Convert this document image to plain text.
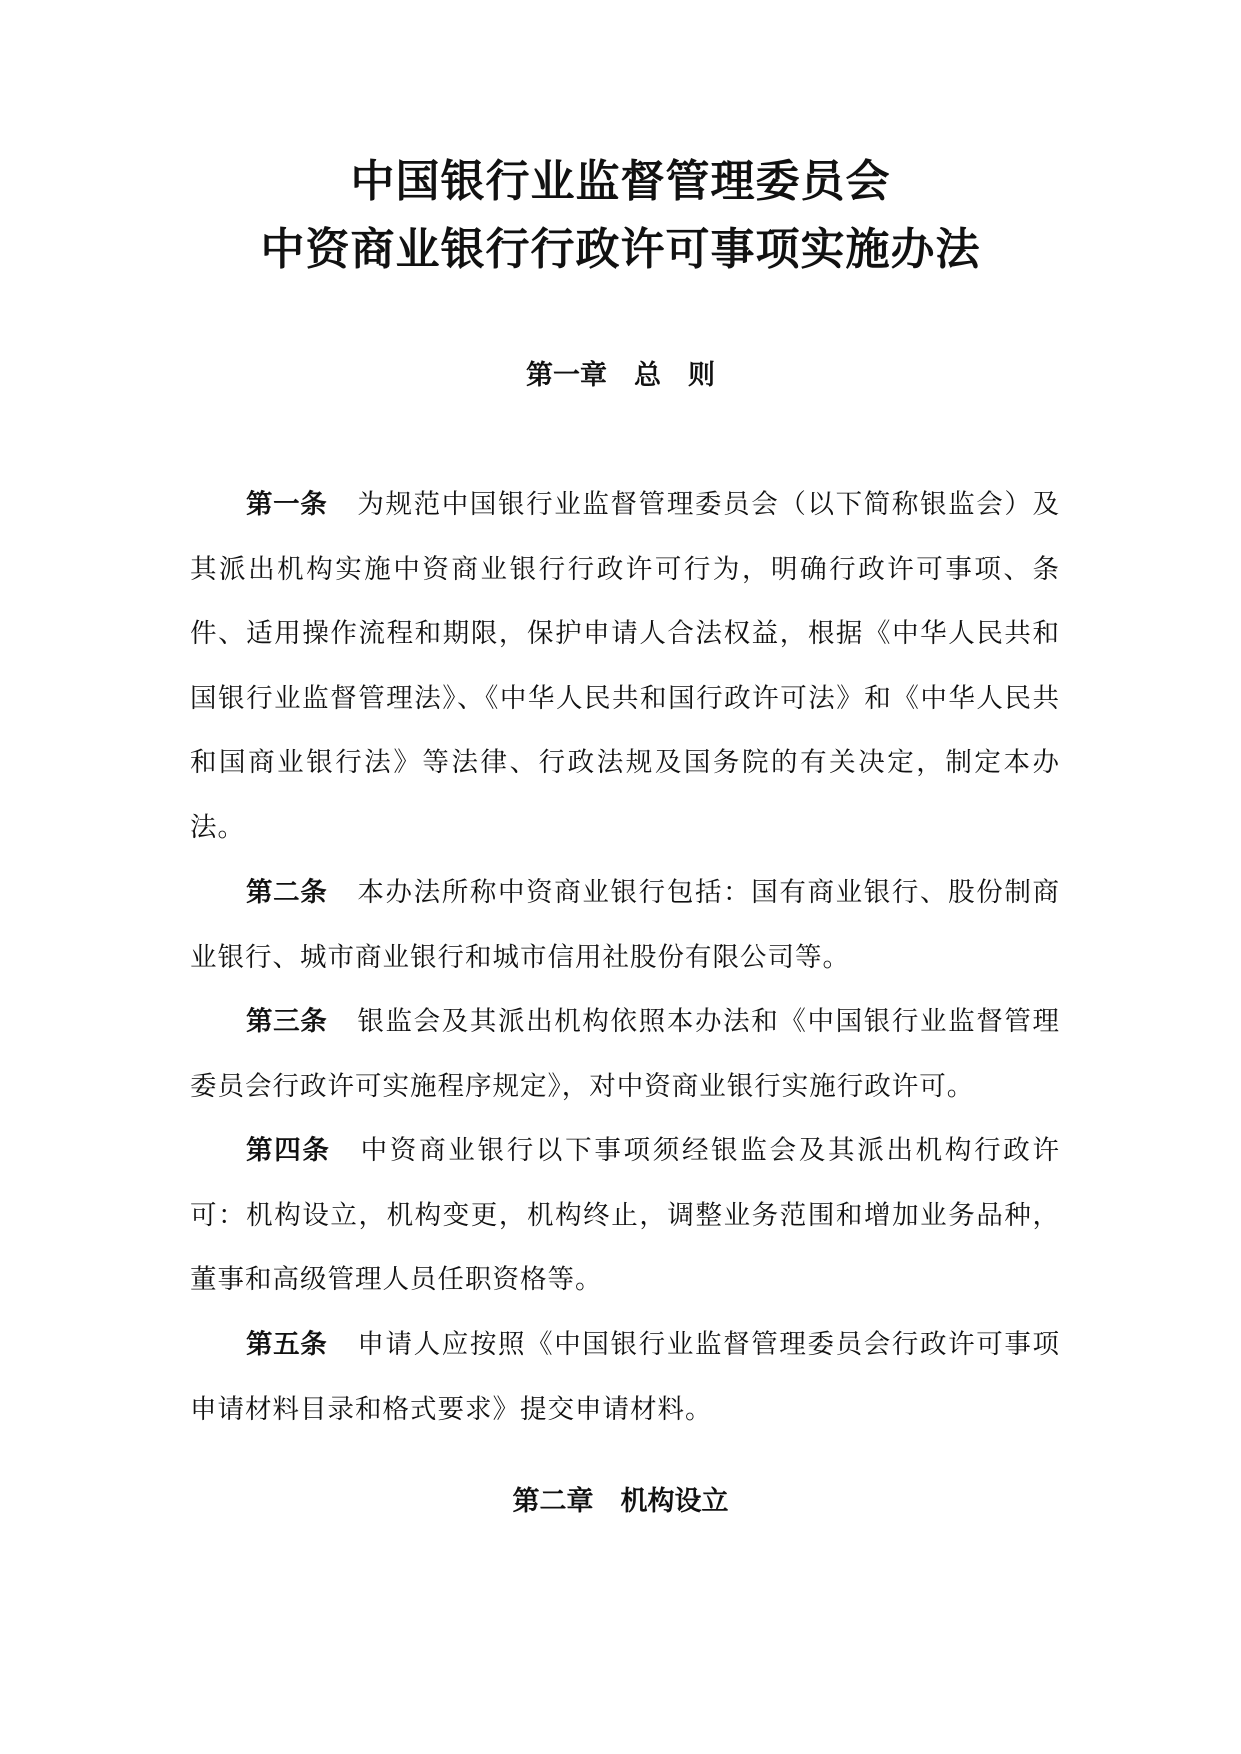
中国银行业监督管理委员会
中资商业银行行政许可事项实施办法
第一章　总　则

第一条 为规范中国银行业监督管理委员会（以下简称银监会）及其派出机构实施中资商业银行行政许可行为，明确行政许可事项、条件、适用操作流程和期限，保护申请人合法权益，根据《中华人民共和国银行业监督管理法》、《中华人民共和国行政许可法》和《中华人民共和国商业银行法》等法律、行政法规及国务院的有关决定，制定本办法。

第二条 本办法所称中资商业银行包括：国有商业银行、股份制商业银行、城市商业银行和城市信用社股份有限公司等。

第三条 银监会及其派出机构依照本办法和《中国银行业监督管理委员会行政许可实施程序规定》，对中资商业银行实施行政许可。

第四条 中资商业银行以下事项须经银监会及其派出机构行政许可：机构设立，机构变更，机构终止，调整业务范围和增加业务品种，董事和高级管理人员任职资格等。

第五条 申请人应按照《中国银行业监督管理委员会行政许可事项申请材料目录和格式要求》提交申请材料。

第二章　机构设立
